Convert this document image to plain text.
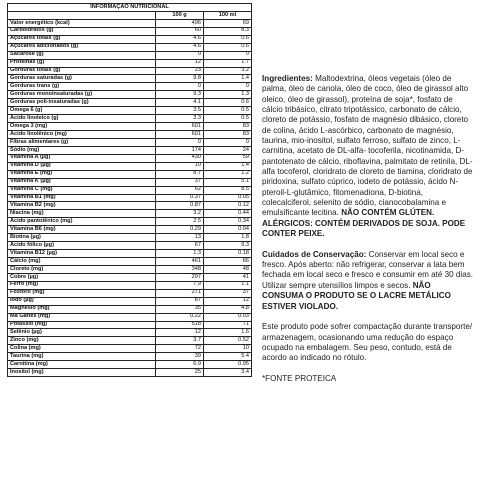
INFORMAÇÃO NUTRICIONAL		
	100 g	100 ml
Valor energético (kcal)	496	69
Carboidratos (g)	60	8.3
Açúcares totais (g)	4.6	0.6
Açúcares adicionados (g)	4.6	0.6
Sacarose (g)	0	0
Proteínas (g)	12	1.7
Gorduras totais (g)	23	3.2
Gorduras saturadas (g)	9.8	1.4
Gorduras trans (g)	0	0
Gorduras monoinsaturadas (g)	9.3	1.3
Gorduras poli-insaturadas (g)	4.1	0.6
Ômega 6 (g)	3.5	0.5
Ácido linoleico (g)	3.3	0.5
Ômega 3 (mg)	601	83
Ácido linolênico (mg)	601	83
Fibras alimentares (g)	0	0
Sódio (mg)	174	24
Vitamina A (µg)	430	59
Vitamina D (µg)	10	1.4
Vitamina E (mg)	8.7	1.2
Vitamina K (µg)	37	5.1
Vitamina C (mg)	62	8.5
Vitamina B1 (mg)	0.37	0.05
Vitamina B2 (mg)	0.87	0.12
Niacina (mg)	3.2	0.44
Ácido pantotênico (mg)	2.5	0.34
Vitamina B6 (mg)	0.29	0.04
Biotina (µg)	13	1.8
Ácido fólico (µg)	67	9.3
Vitamina B12 (µg)	1.3	0.18
Cálcio (mg)	461	66
Cloreto (mg)	348	48
Cobre (µg)	297	41
Ferro (mg)	7.9	1.1
Fósforo (mg)	271	37
Iodo (µg)	87	12
Magnésio (mg)	35	4.8
Ma Ganês (mg)	0.22	0.03
Potássio (mg)	518	71
Selênio (µg)	12	1.6
Zinco (mg)	3.7	0.52
Colina (mg)	72	10
Taurina (mg)	39	5.4
Carnitina (mg)	6.9	0.95
Inositol (mg)	25	3.4

Ingredientes: Maltodextrina, óleos vegetais (óleo de palma, óleo de canola, óleo de coco, óleo de girassol alto oleico, óleo de girassol), proteína de soja*, fosfato de cálcio tribásico, citrato tripotássico, carbonato de cálcio, cloreto de potássio, fosfato de magnésio dibásico, cloreto de colina, ácido L-ascórbico, carbonato de magnésio, taurina, mio-inositol, sulfato ferroso, sulfato de zinco, L-carnitina, acetato de DL-alfa- tocoferila, nicotinamida, D-pantotenato de cálcio, riboflavina, palmitato de retinila, DL-alfa tocoferol, cloridrato de cloreto de tiamina, cloridrato de piridoxina, sulfato cúprico, iodeto de potássio, ácido N-pteroil-L-glutâmico, fitomenadiona, D-biotina, colecalciferol, selenito de sódio, cianocobalamina e emulsificante lecitina. NÃO CONTÉM GLÚTEN. ALÉRGICOS: CONTÉM DERIVADOS DE SOJA. PODE CONTER PEIXE.

Cuidados de Conservação: Conservar em local seco e fresco. Após aberto: não refrigerar, conservar a lata bem fechada em local seco e fresco e consumir em até 30 dias. Utilizar sempre utensílios limpos e secos. NÃO CONSUMA O PRODUTO SE O LACRE METÁLICO ESTIVER VIOLADO.

Este produto pode sofrer compactação durante transporte/ armazenagem, ocasionando uma redução do espaço ocupado na embalagem. Seu peso, contudo, está de acordo ao indicado no rótulo.

*FONTE PROTEICA
